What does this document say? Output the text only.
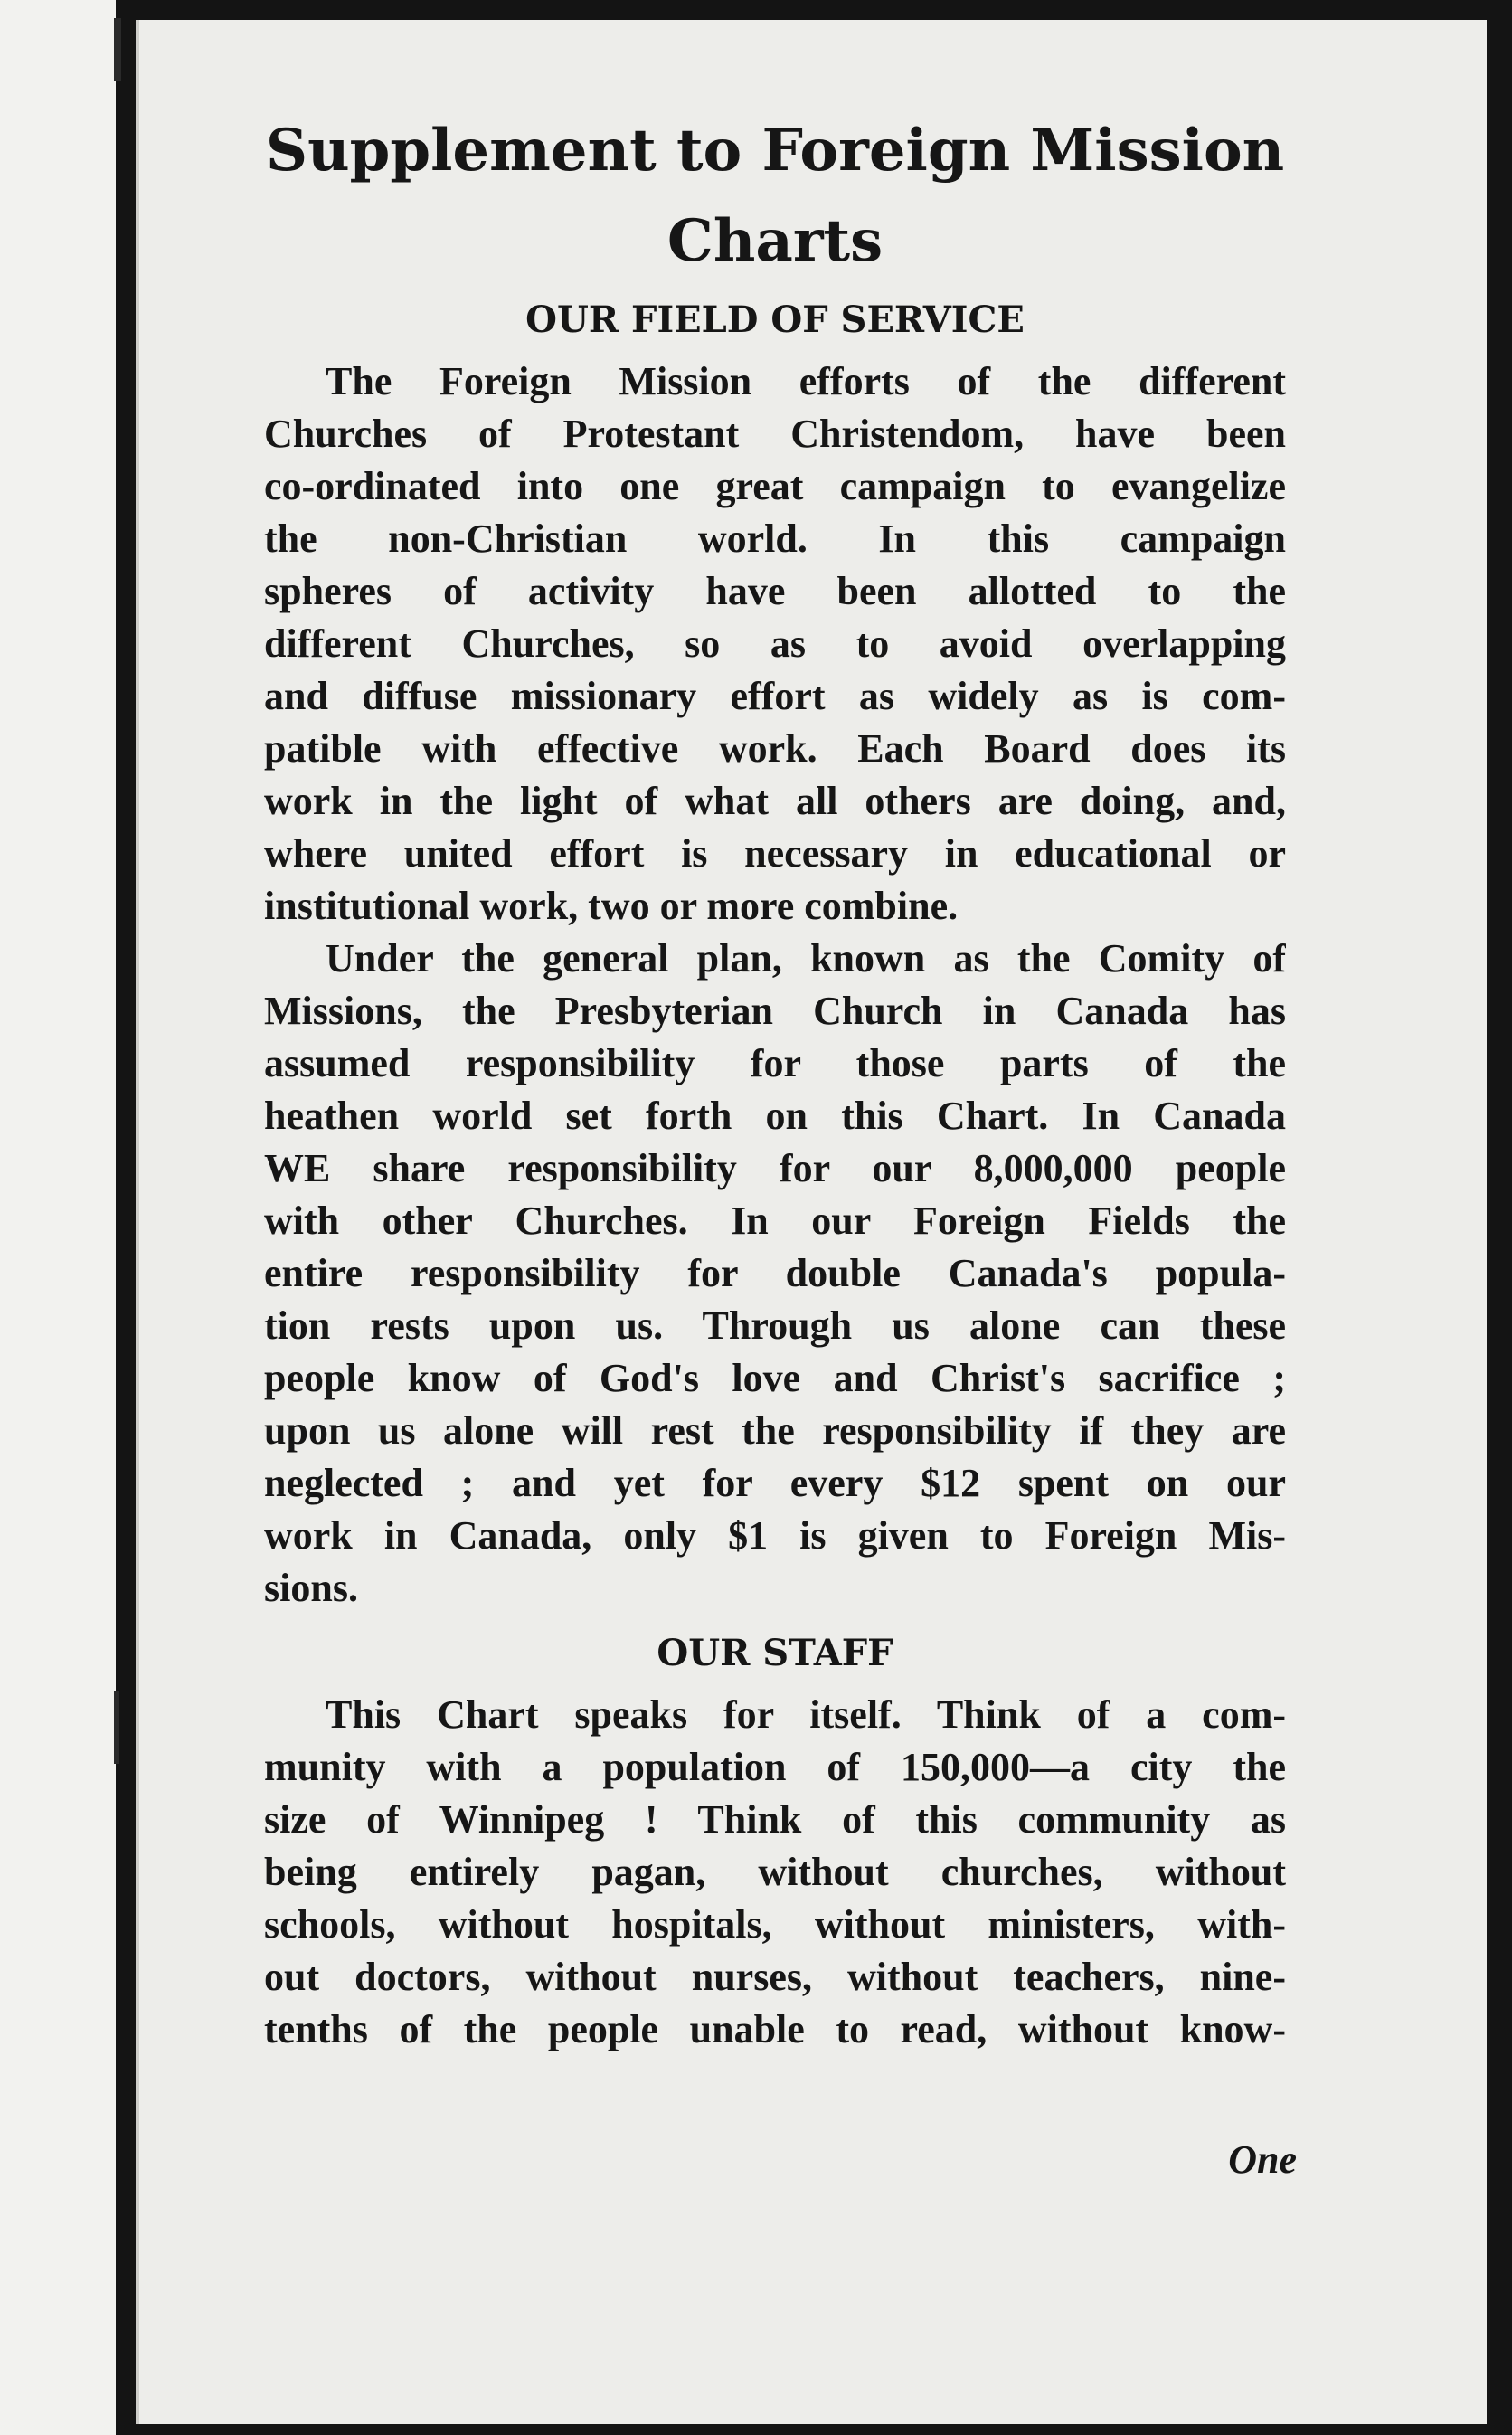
Supplement to Foreign Mission
Charts
OUR FIELD OF SERVICE
The Foreign Mission efforts of the different
Churches of Protestant Christendom, have been
co-ordinated into one great campaign to evangelize
the non-Christian world. In this campaign
spheres of activity have been allotted to the
different Churches, so as to avoid overlapping
and diffuse missionary effort as widely as is com-
patible with effective work. Each Board does its
work in the light of what all others are doing, and,
where united effort is necessary in educational or
institutional work, two or more combine.
Under the general plan, known as the Comity of
Missions, the Presbyterian Church in Canada has
assumed responsibility for those parts of the
heathen world set forth on this Chart. In Canada
WE share responsibility for our 8,000,000 people
with other Churches. In our Foreign Fields the
entire responsibility for double Canada's popula-
tion rests upon us. Through us alone can these
people know of God's love and Christ's sacrifice ;
upon us alone will rest the responsibility if they are
neglected ; and yet for every $12 spent on our
work in Canada, only $1 is given to Foreign Mis-
sions.
OUR STAFF
This Chart speaks for itself. Think of a com-
munity with a population of 150,000—a city the
size of Winnipeg ! Think of this community as
being entirely pagan, without churches, without
schools, without hospitals, without ministers, with-
out doctors, without nurses, without teachers, nine-
tenths of the people unable to read, without know-
One
